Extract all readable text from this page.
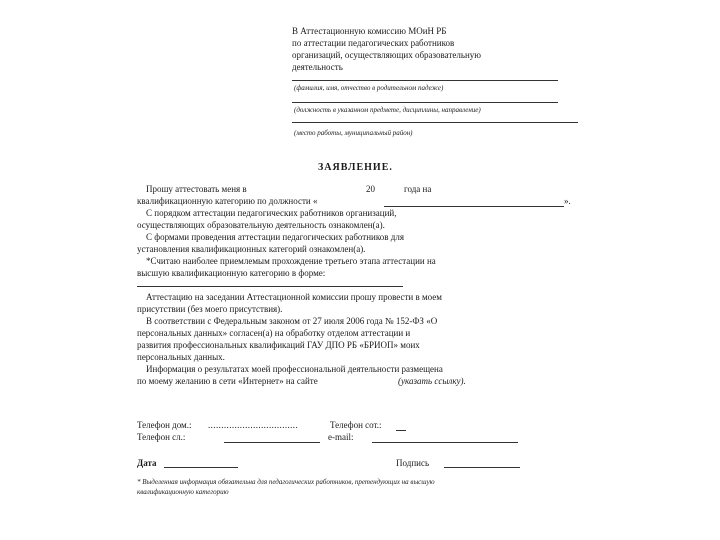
В Аттестационную комиссию МОиН РБ
по аттестации педагогических работников
организаций, осуществляющих образовательную
деятельность
(фамилия, имя, отчество в родительном падеже)
(должность в указанном предмете, дисциплины, направление)
(место работы, муниципальный район)
ЗАЯВЛЕНИЕ.
Прошу аттестовать меня в	20	года на
квалификационную категорию по должности «	».
С порядком аттестации педагогических работников организаций,
осуществляющих образовательную деятельность ознакомлен(а).
С формами проведения аттестации педагогических работников для
установления квалификационных категорий ознакомлен(а).
*Считаю наиболее приемлемым прохождение третьего этапа аттестации на
высшую квалификационную категорию в форме:
Аттестацию на заседании Аттестационной комиссии прошу провести в моем
присутствии (без моего присутствия).
В соответствии с Федеральным законом от 27 июля 2006 года № 152-ФЗ «О
персональных данных» согласен(а) на обработку отделом аттестации и
развития профессиональных квалификаций ГАУ ДПО РБ «БРИОП» моих
персональных данных.
Информация о результатах моей профессиональной деятельности размещена
по моему желанию в сети «Интернет» на сайте	(указать ссылку).
Телефон дом.: ..................................	Телефон сот.:
Телефон сл.:	e-mail:
Дата	Подпись
* Выделенная информация обязательна для педагогических работников, претендующих на высшую
квалификационную категорию
